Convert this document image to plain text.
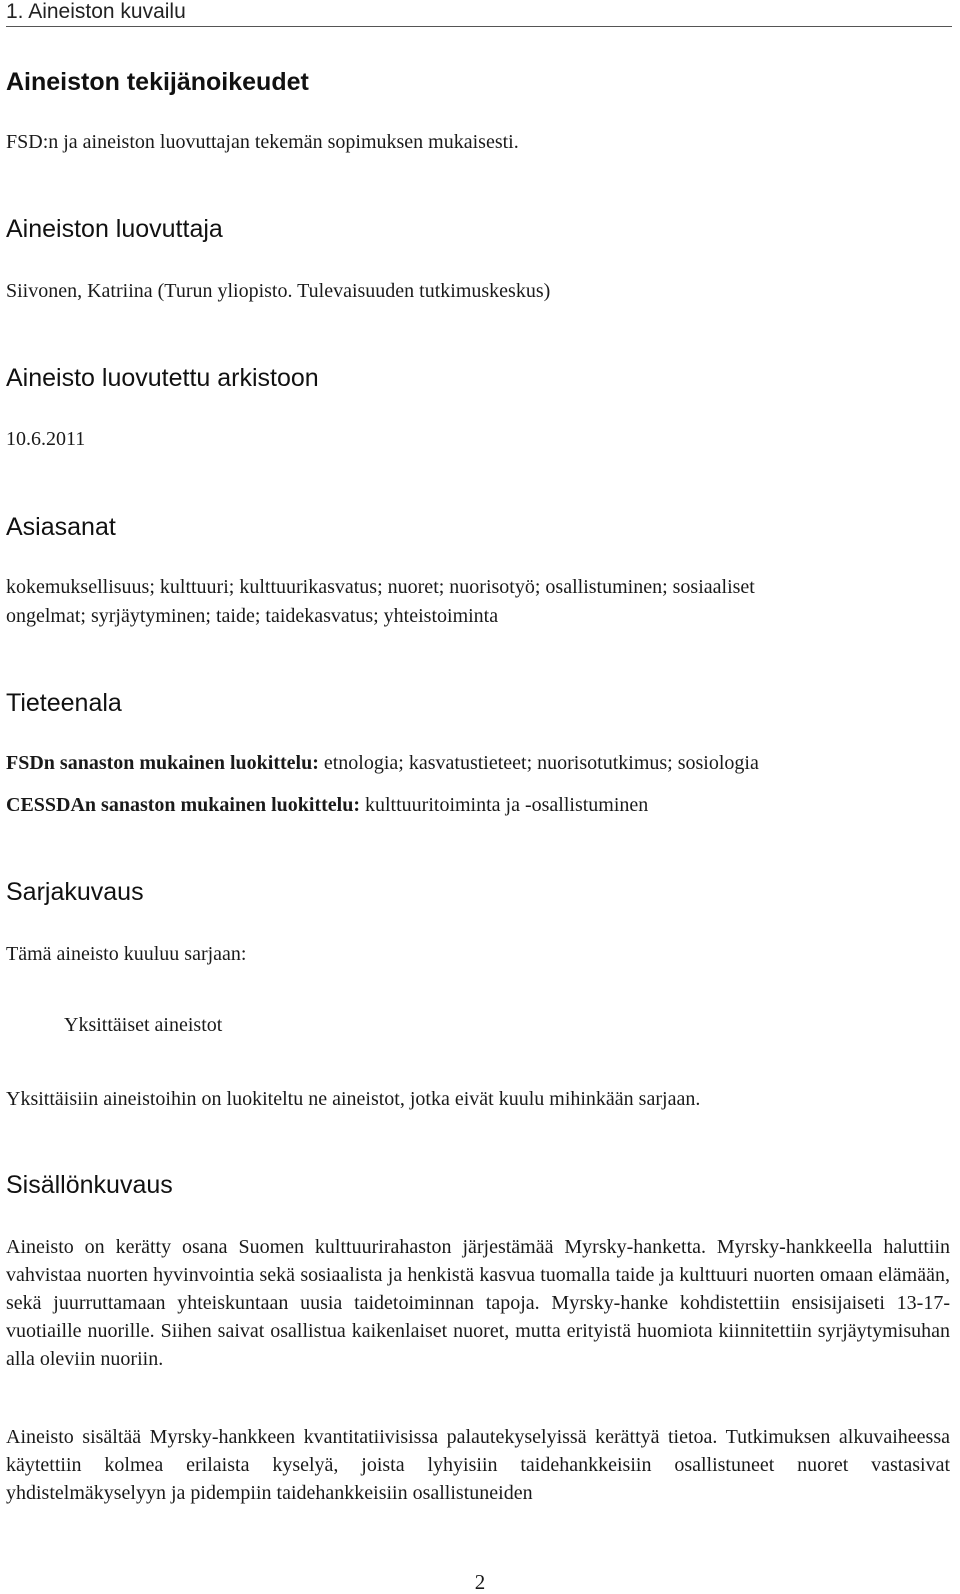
1. Aineiston kuvailu
Aineiston tekijänoikeudet

FSD:n ja aineiston luovuttajan tekemän sopimuksen mukaisesti.

Aineiston luovuttaja

Siivonen, Katriina (Turun yliopisto. Tulevaisuuden tutkimuskeskus)

Aineisto luovutettu arkistoon

10.6.2011

Asiasanat

kokemuksellisuus; kulttuuri; kulttuurikasvatus; nuoret; nuorisotyö; osallistuminen; sosiaaliset

ongelmat; syrjäytyminen; taide; taidekasvatus; yhteistoiminta

Tieteenala

FSDn sanaston mukainen luokittelu: etnologia; kasvatustieteet; nuorisotutkimus; sosiologia

CESSDAn sanaston mukainen luokittelu: kulttuuritoiminta ja -osallistuminen

Sarjakuvaus

Tämä aineisto kuuluu sarjaan:

Yksittäiset aineistot

Yksittäisiin aineistoihin on luokiteltu ne aineistot, jotka eivät kuulu mihinkään sarjaan.

Sisällönkuvaus

Aineisto on kerätty osana Suomen kulttuurirahaston järjestämää Myrsky-hanketta. Myrsky-hankkeella haluttiin vahvistaa nuorten hyvinvointia sekä sosiaalista ja henkistä kasvua tuomalla taide ja kulttuuri nuorten omaan elämään, sekä juurruttamaan yhteiskuntaan uusia taidetoiminnan tapoja. Myrsky-hanke kohdistettiin ensisijaiseti 13-17-vuotiaille nuorille. Siihen saivat osallistua kaikenlaiset nuoret, mutta erityistä huomiota kiinnitettiin syrjäytymisuhan alla oleviin nuoriin.

Aineisto sisältää Myrsky-hankkeen kvantitatiivisissa palautekyselyissä kerättyä tietoa. Tutkimuksen alkuvaiheessa käytettiin kolmea erilaista kyselyä, joista lyhyisiin taidehankkeisiin osallistuneet nuoret vastasivat yhdistelmäkyselyyn ja pidempiin taidehankkeisiin osallistuneiden

2
